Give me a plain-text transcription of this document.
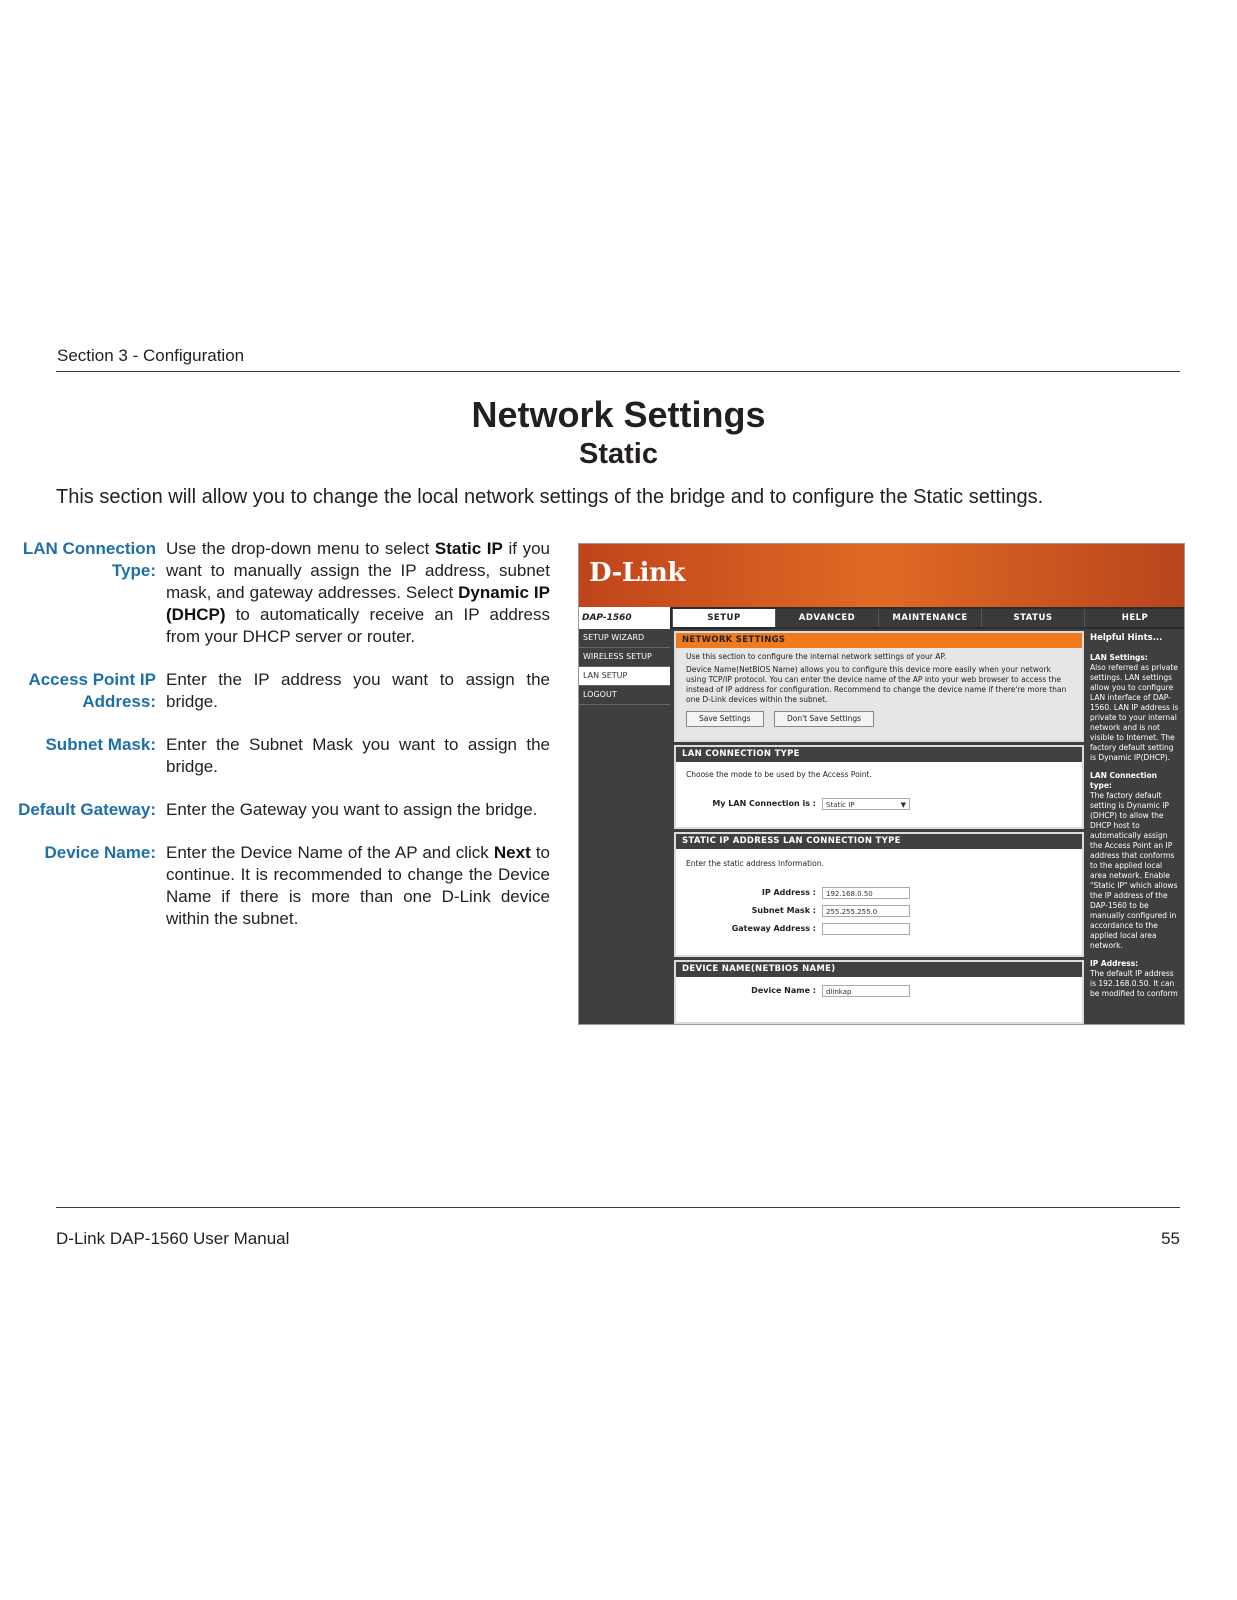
Section 3 - Configuration
Network Settings
Static
This section will allow you to change the local network settings of the bridge and to configure the Static settings.
LAN Connection Type:
Use the drop-down menu to select Static IP if you want to manually assign the IP address, subnet mask, and gateway addresses. Select Dynamic IP (DHCP) to automatically receive an IP address from your DHCP server or router.
Access Point IP Address:
Enter the IP address you want to assign the bridge.
Subnet Mask: Enter the Subnet Mask you want to assign the bridge.
Default Gateway: Enter the Gateway you want to assign the bridge.
Device Name: Enter the Device Name of the AP and click Next to continue. It is recommended to change the Device Name if there is more than one D-Link device within the subnet.
D-Link
DAP-1560	SETUP	ADVANCED	MAINTENANCE	STATUS	HELP
SETUP WIZARD
WIRELESS SETUP
LAN SETUP
LOGOUT
NETWORK SETTINGS
Use this section to configure the internal network settings of your AP.
Device Name(NetBIOS Name) allows you to configure this device more easily when your network using TCP/IP protocol. You can enter the device name of the AP into your web browser to access the instead of IP address for configuration. Recommend to change the device name if there're more than one D-Link devices within the subnet.
Save Settings	Don't Save Settings
LAN CONNECTION TYPE
Choose the mode to be used by the Access Point.
My LAN Connection is :	Static IP	▼
STATIC IP ADDRESS LAN CONNECTION TYPE
Enter the static address Information.
IP Address :	192.168.0.50
Subnet Mask :	255.255.255.0
Gateway Address :
DEVICE NAME(NETBIOS NAME)
Device Name :	dlinkap
Helpful Hints...
LAN Settings:
Also referred as private settings. LAN settings allow you to configure LAN interface of DAP-1560. LAN IP address is private to your internal network and is not visible to Internet. The factory default setting is Dynamic IP(DHCP).
LAN Connection type:
The factory default setting is Dynamic IP (DHCP) to allow the DHCP host to automatically assign the Access Point an IP address that conforms to the applied local area network. Enable "Static IP" which allows the IP address of the DAP-1560 to be manually configured in accordance to the applied local area network.
IP Address:
The default IP address is 192.168.0.50. It can be modified to conform
D-Link DAP-1560 User Manual	55
